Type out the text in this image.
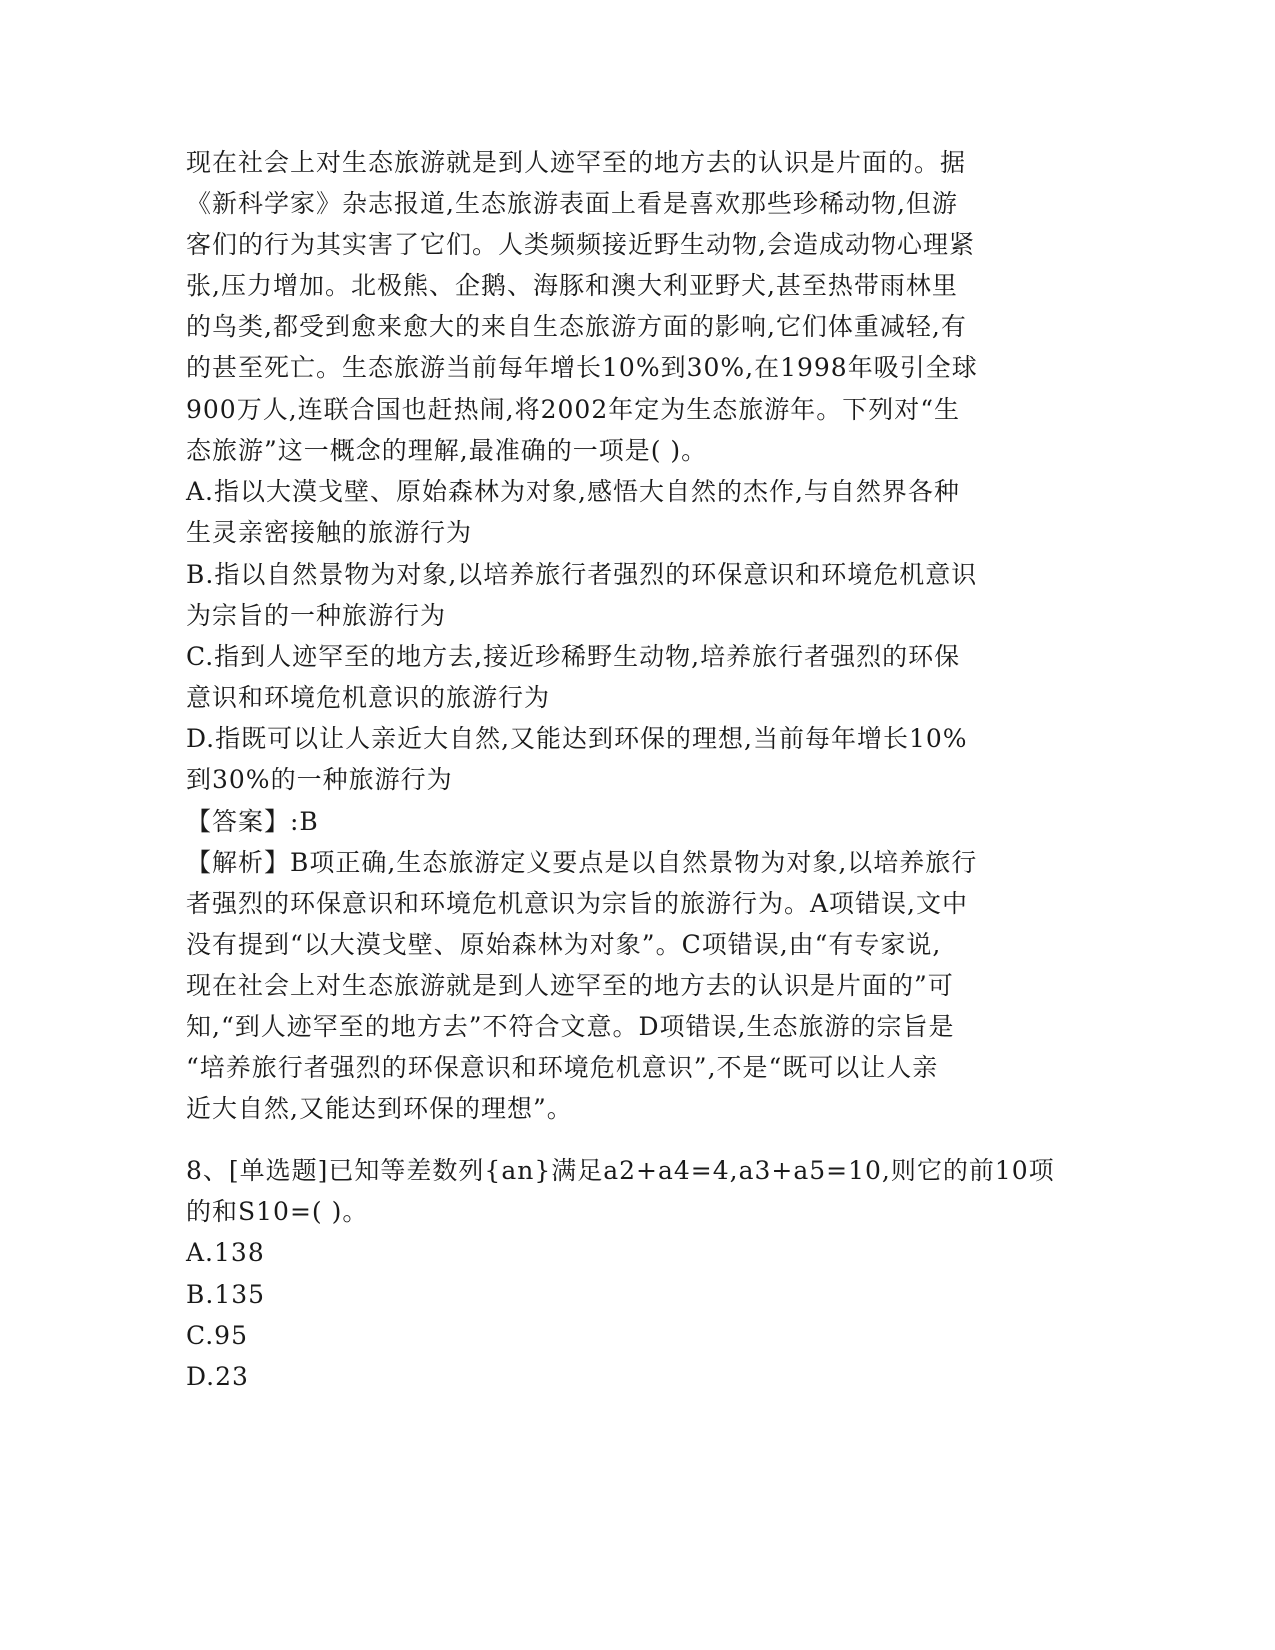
现在社会上对生态旅游就是到人迹罕至的地方去的认识是片面的。据
《新科学家》杂志报道,生态旅游表面上看是喜欢那些珍稀动物,但游
客们的行为其实害了它们。人类频频接近野生动物,会造成动物心理紧
张,压力增加。北极熊、企鹅、海豚和澳大利亚野犬,甚至热带雨林里
的鸟类,都受到愈来愈大的来自生态旅游方面的影响,它们体重减轻,有
的甚至死亡。生态旅游当前每年增长10%到30%,在1998年吸引全球
900万人,连联合国也赶热闹,将2002年定为生态旅游年。下列对“生
态旅游”这一概念的理解,最准确的一项是( )。
A.指以大漠戈壁、原始森林为对象,感悟大自然的杰作,与自然界各种
生灵亲密接触的旅游行为
B.指以自然景物为对象,以培养旅行者强烈的环保意识和环境危机意识
为宗旨的一种旅游行为
C.指到人迹罕至的地方去,接近珍稀野生动物,培养旅行者强烈的环保
意识和环境危机意识的旅游行为
D.指既可以让人亲近大自然,又能达到环保的理想,当前每年增长10%
到30%的一种旅游行为
【答案】:B
【解析】B项正确,生态旅游定义要点是以自然景物为对象,以培养旅行
者强烈的环保意识和环境危机意识为宗旨的旅游行为。A项错误,文中
没有提到“以大漠戈壁、原始森林为对象”。C项错误,由“有专家说,
现在社会上对生态旅游就是到人迹罕至的地方去的认识是片面的”可
知,“到人迹罕至的地方去”不符合文意。D项错误,生态旅游的宗旨是
“培养旅行者强烈的环保意识和环境危机意识”,不是“既可以让人亲
近大自然,又能达到环保的理想”。
8、[单选题]已知等差数列{an}满足a2+a4=4,a3+a5=10,则它的前10项
的和S10=( )。
A.138
B.135
C.95
D.23
